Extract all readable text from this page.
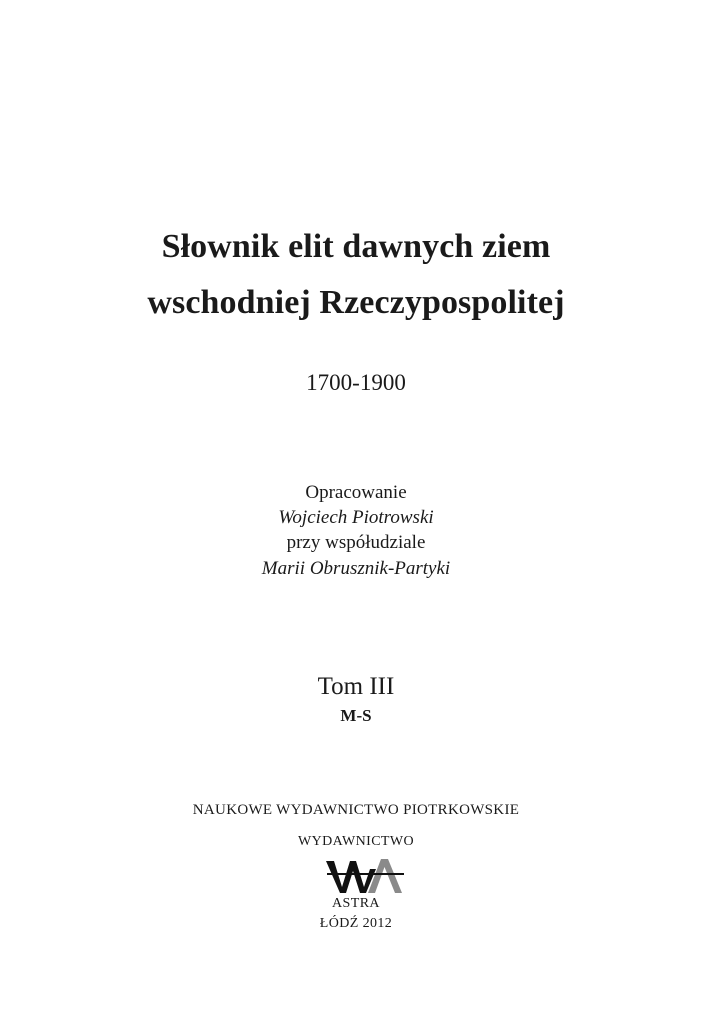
Słownik elit dawnych ziem
wschodniej Rzeczypospolitej

1700-1900

Opracowanie

Wojciech Piotrowski

przy współudziale

Marii Obrusznik-Partyki

Tom III

M-S

NAUKOWE WYDAWNICTWO PIOTRKOWSKIE

WYDAWNICTWO

ASTRA

ŁÓDŹ 2012
